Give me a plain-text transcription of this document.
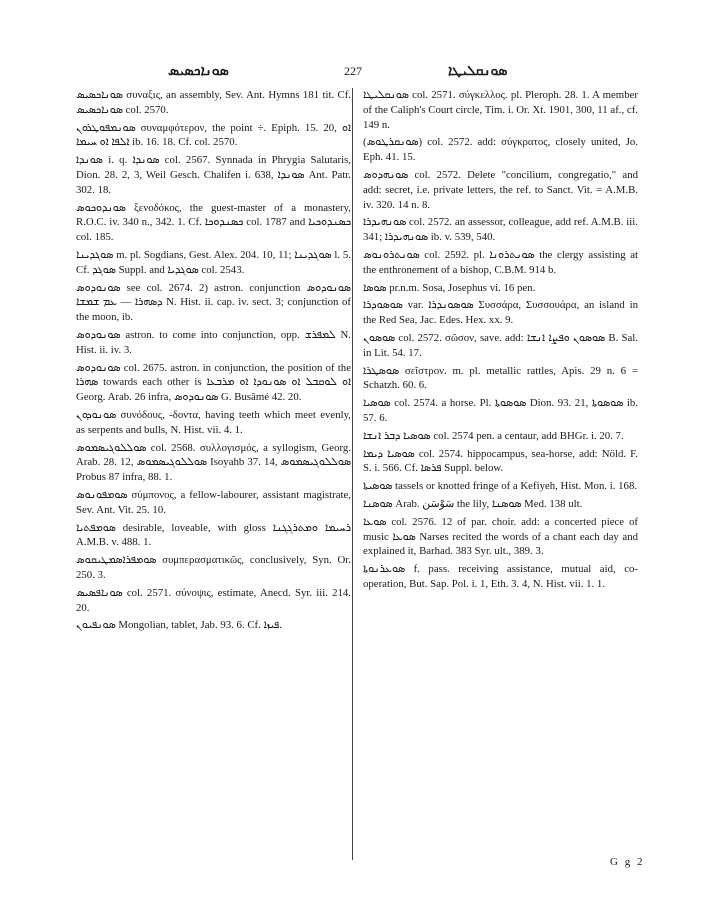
ܣܘܢܐܟܣܝܣ	227	ܣܘܢܩܠܝܛܐ

ܣܘܢܐܟܣܝܣ συναξις, an assembly, Sev. Ant. Hymns 181 tit. Cf. ܣܘܢܐܟܣܝܣ col. 2570.

ܣܘܢܡܦܘܛܪܘܢ συναμφότερον, the point ÷. Epiph. 15. 20, ܐܘ ܐܠܦܐ ܐܘ ܚܝܡܐ ib. 16. 18. Cf. col. 2570.

ܣܘܢܕܐ i. q. ܣܘܢܕܐ col. 2567. Synnada in Phrygia Salutaris, Dion. 28. 2, 3, Weil Gesch. Chalifen i. 638, ܣܘܢܕܐ Ant. Patr. 302. 18.

ܣܘܢܕܘܟܘܣ ξενοδόκος, the guest-master of a monastery, R.O.C. iv. 340 n., 342. 1. Cf. ܟܣܢܕܘܟܐ col. 1787 and ܟܣܢܕܘܟܝܐ col. 185.

ܣܘܓܕܝܢܐ m. pl. Sogdians, Gest. Alex. 204. 10, 11; ܣܘܓܕܝܢܐ l. 5. Cf. ܣܘܓܕ Suppl. and ܣܘܓܕܝܐ col. 2543.

ܣܘܢܘܕܘܣ see col. 2674. 2) astron. conjunction ܣܘܢܘܕܘܣ ܕܣܗܪܐ — ܥܡ ܫܡܫܐ N. Hist. ii. cap. iv. sect. 3; conjunction of the moon, ib.

ܣܘܢܘܕܘܣ astron. to come into conjunction, opp. ܠܡܦܪܫ N. Hist. ii. iv. 3.

ܣܘܢܘܕܘܣ col. 2675. astron. in conjunction, the position of the ܣܗܪܐ towards each other is ܐܘ ܠܘܩܒܠ ܐܘ ܣܘܢܘܕܐ ܐܘ ܡܪܒܥܐ Georg. Arab. 26 infra, ܣܘܢܘܕܘܣ G. Busâmé 42. 20.

ܣܘܢܘܕܘܢ συνόδους, -δοντα, having teeth which meet evenly, as serpents and bulls, N. Hist. vii. 4. 1.

ܣܘܠܠܘܓܝܣܡܘܣ col. 2568. συλλογισμός, a syllogism, Georg. Arab. 28. 12, ܣܘܠܠܘܓܝܣܡܘܣ Isoyahb 37. 14, ܣܘܠܠܘܓܝܣܡܘܣ Probus 87 infra, 88. 1.

ܣܘܡܦܘܢܘܣ σύμπονος, a fellow-labourer, assistant magistrate, Sev. Ant. Vit. 25. 10.

ܣܘܡܦܬܝܐ desirable, loveable, with gloss ܪܚܝܡܐ ܘܡܬܪܓܓܢܐ A.M.B. v. 488. 1.

ܣܘܡܦܪܐܣܡܛܝܩܘܣ συμπερασματικῶς, conclusively, Syn. Or. 250. 3.

ܣܘܢܐܦܣܝܣ col. 2571. σύνοψις, estimate, Anecd. Syr. iii. 214. 20.

ܣܘܢܦܝܘܢ Mongolian, tablet, Jab. 93. 6. Cf. ܦܝܙܐ.

ܣܘܢܩܠܝܛܐ col. 2571. σύγκελλος. pl. Pleroph. 28. 1. A member of the Caliph's Court circle, Tim. i. Or. Xt. 1901, 300, 11 af., cf. 149 n.

(ܣܘܢܩܪܛܘܣ) col. 2572. add: σύγκρατος, closely united, Jo. Eph. 41. 15.

ܣܘܢܗܕܘܣ col. 2572. Delete "concilium, congregatio," and add: secret, i.e. private letters, the ref. to Sanct. Vit. = A.M.B. iv. 320. 14 n. 8.

ܣܘܢܗܝܕܪܐ col. 2572. an assessor, colleague, add ref. A.M.B. iii. 341; ܣܘܢܗܝܕܪܐ ib. v. 539, 540.

ܣܘܢܬܪܘܢܘܣ col. 2592. pl. ܣܘܢܬܪܘܢܐ the clergy assisting at the enthronement of a bishop, C.B.M. 914 b.

ܣܘܣܐ pr.n.m. Sosa, Josephus vi. 16 pen.

ܣܘܣܘܕܪܐ var. ܣܘܣܘܢܕܪܐ Συσσάρα, Συσσουάρα, an island in the Red Sea, Jac. Edes. Hex. xx. 9.

ܣܘܣܘܢ col. 2572. σῶσον, save. add: ܣܘܣܘܢ ܘܦܨܐ ܐܢܫܐ B. Sal. in Lit. 54. 17.

ܣܘܣܛܪܐ σεῖστρον. m. pl. metallic rattles, Apis. 29 n. 6 = Schatzh. 60. 6.

ܣܘܣܝܐ col. 2574. a horse. Pl. ܣܘܣܘܬܐ Dion. 93. 21, ܣܘܣܘܬܐ ib. 57. 6.

ܣܘܣܝܐ ܕܒܪ ܐܢܫܐ col. 2574 pen. a centaur, add BHGr. i. 20. 7.

ܣܘܣܝܐ ܕܝܡܐ col. 2574. hippocampus, sea-horse, add: Nöld. F. S. i. 566. Cf. ܦܪܣܐ Suppl. below.

ܣܘܣܝܬܐ tassels or knotted fringe of a Kefiyeh, Hist. Mon. i. 168.

ܣܘܣܢܐ Arab. سَوْسَن the lily, ܣܘܣܢܐ Med. 138 ult.

ܣܘܥܐ col. 2576. 12 of par. choir. add: a concerted piece of music ܣܘܥܐ Narses recited the words of a chant each day and explained it, Barhad. 383 Syr. ult., 389. 3.

ܣܘܥܪܢܘܬܐ f. pass. receiving assistance, mutual aid, co-operation, But. Sap. Pol. i. 1, Eth. 3. 4, N. Hist. vii. 1. 1.

G g 2
